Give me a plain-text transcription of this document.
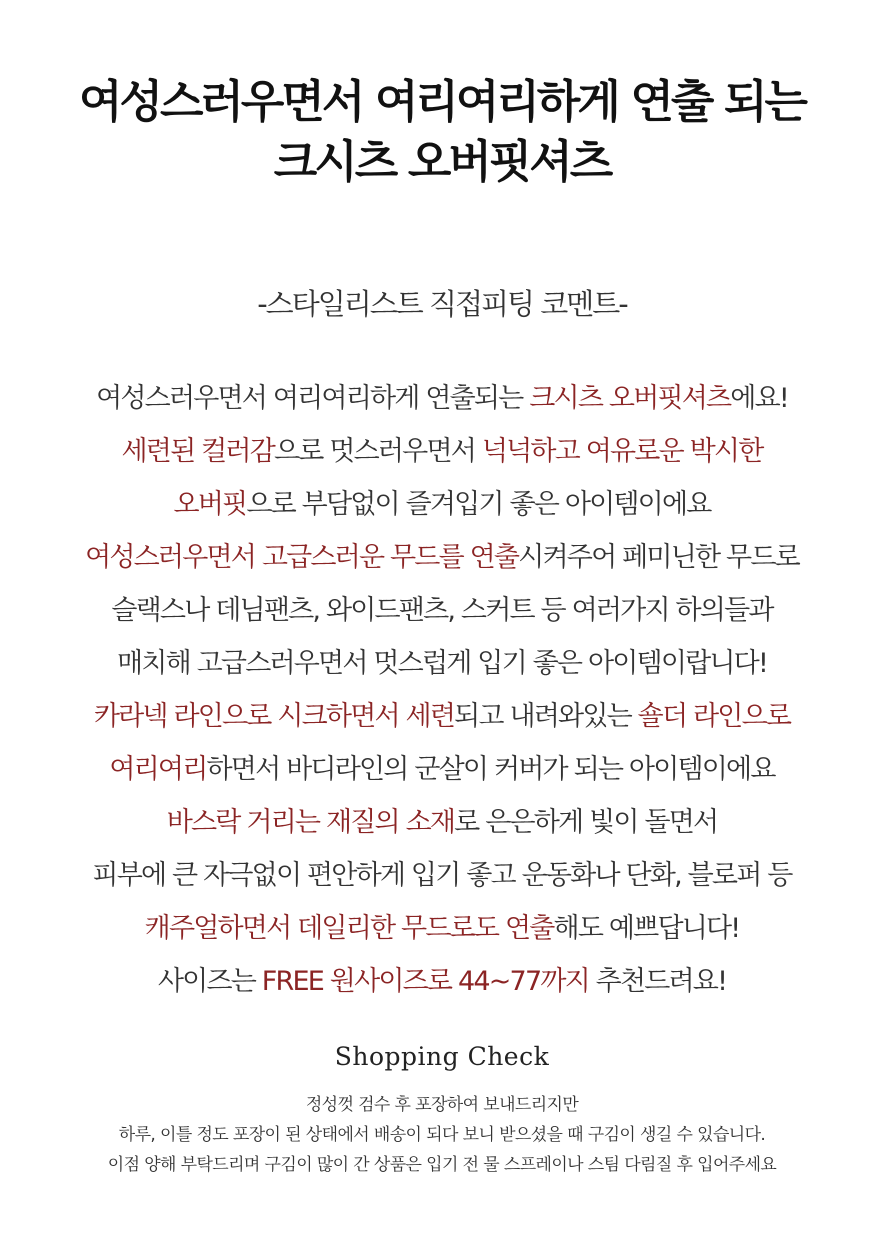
여성스러우면서 여리여리하게 연출 되는
크시츠 오버핏셔츠
-스타일리스트 직접피팅 코멘트-
여성스러우면서 여리여리하게 연출되는 크시츠 오버핏셔츠에요!
세련된 컬러감으로 멋스러우면서 넉넉하고 여유로운 박시한
오버핏으로 부담없이 즐겨입기 좋은 아이템이에요
여성스러우면서 고급스러운 무드를 연출시켜주어 페미닌한 무드로
슬랙스나 데님팬츠, 와이드팬츠, 스커트 등 여러가지 하의들과
매치해 고급스러우면서 멋스럽게 입기 좋은 아이템이랍니다!
카라넥 라인으로 시크하면서 세련되고 내려와있는 숄더 라인으로
여리여리하면서 바디라인의 군살이 커버가 되는 아이템이에요
바스락 거리는 재질의 소재로 은은하게 빛이 돌면서
피부에 큰 자극없이 편안하게 입기 좋고 운동화나 단화, 블로퍼 등
캐주얼하면서 데일리한 무드로도 연출해도 예쁘답니다!
사이즈는 FREE 원사이즈로 44~77까지 추천드려요!
Shopping Check
정성껏 검수 후 포장하여 보내드리지만
하루, 이틀 정도 포장이 된 상태에서 배송이 되다 보니 받으셨을 때 구김이 생길 수 있습니다.
이점 양해 부탁드리며 구김이 많이 간 상품은 입기 전 물 스프레이나 스팀 다림질 후 입어주세요
